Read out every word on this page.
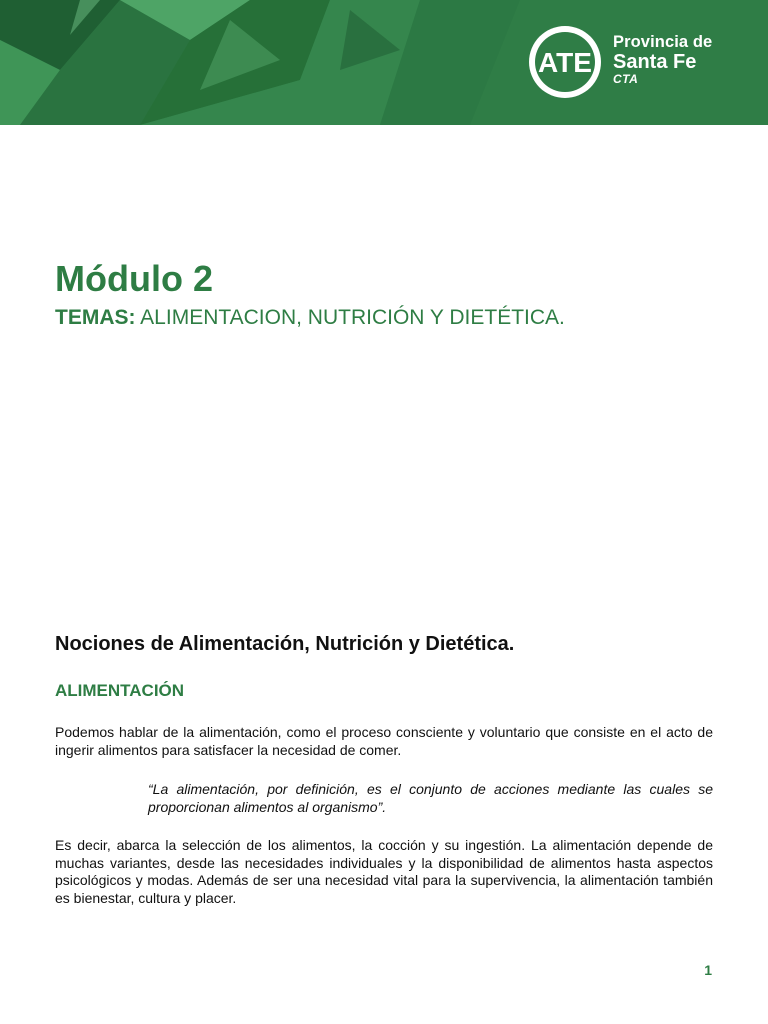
ATE
Provincia de
Santa Fe
CTA
Módulo 2

TEMAS: ALIMENTACION, NUTRICIÓN Y DIETÉTICA.

Nociones de Alimentación, Nutrición y Dietética.
ALIMENTACIÓN

Podemos hablar de la alimentación, como el proceso consciente y voluntario que consiste en el acto de ingerir alimentos para satisfacer la necesidad de comer.

“La alimentación, por definición, es el conjunto de acciones mediante las cuales se proporcionan alimentos al organismo”.

Es decir, abarca la selección de los alimentos, la cocción y su ingestión. La alimentación depende de muchas variantes, desde las necesidades individuales y la disponibilidad de alimentos hasta aspectos psicológicos y modas. Además de ser una necesidad vital para la supervivencia, la alimentación también es bienestar, cultura y placer.

1
